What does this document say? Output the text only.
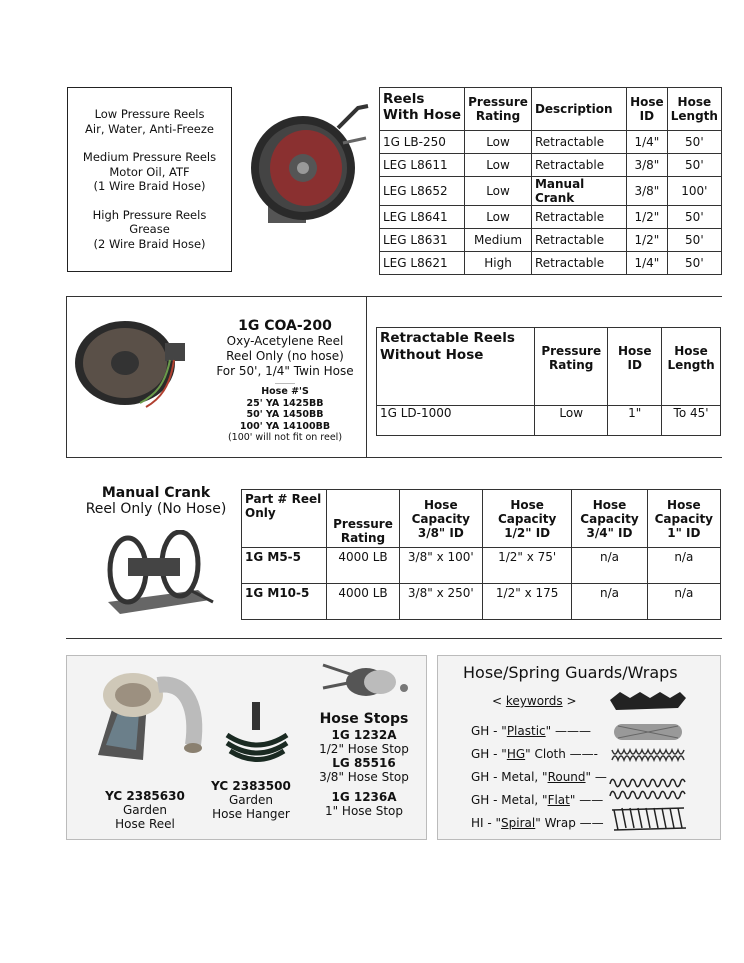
Low Pressure Reels
Air, Water, Anti-Freeze
Medium Pressure Reels
Motor Oil, ATF
(1 Wire Braid Hose)
High Pressure Reels
Grease
(2 Wire Braid Hose)
Reels With Hose	Pressure Rating	Description	Hose ID	Hose Length
1G LB-250	Low	Retractable	1/4"	50'
LEG L8611	Low	Retractable	3/8"	50'
LEG L8652	Low	Manual Crank	3/8"	100'
LEG L8641	Low	Retractable	1/2"	50'
LEG L8631	Medium	Retractable	1/2"	50'
LEG L8621	High	Retractable	1/4"	50'
1G COA-200
Oxy-Acetylene Reel
Reel Only (no hose)
For 50', 1/4" Twin Hose
Hose #'S
25' YA 1425BB
50' YA 1450BB
100' YA 14100BB
(100' will not fit on reel)
Retractable Reels Without Hose	Pressure Rating	Hose ID	Hose Length
1G LD-1000	Low	1"	To 45'
Manual Crank
Reel Only (No Hose)
Part # Reel Only	Pressure Rating	Hose Capacity 3/8" ID	Hose Capacity 1/2" ID	Hose Capacity 3/4" ID	Hose Capacity 1" ID
1G M5-5	4000 LB	3/8" x 100'	1/2" x 75'	n/a	n/a
1G M10-5	4000 LB	3/8" x 250'	1/2" x 175	n/a	n/a
YC 2385630
Garden
Hose Reel
YC 2383500
Garden
Hose Hanger
Hose Stops
1G 1232A
1/2" Hose Stop
LG 85516
3/8" Hose Stop
1G 1236A
1" Hose Stop
Hose/Spring Guards/Wraps
< keywords >
GH - "Plastic" ———
GH - "HG" Cloth ——-
GH - Metal, "Round" —
GH - Metal, "Flat" ——
HI - "Spiral" Wrap ——
